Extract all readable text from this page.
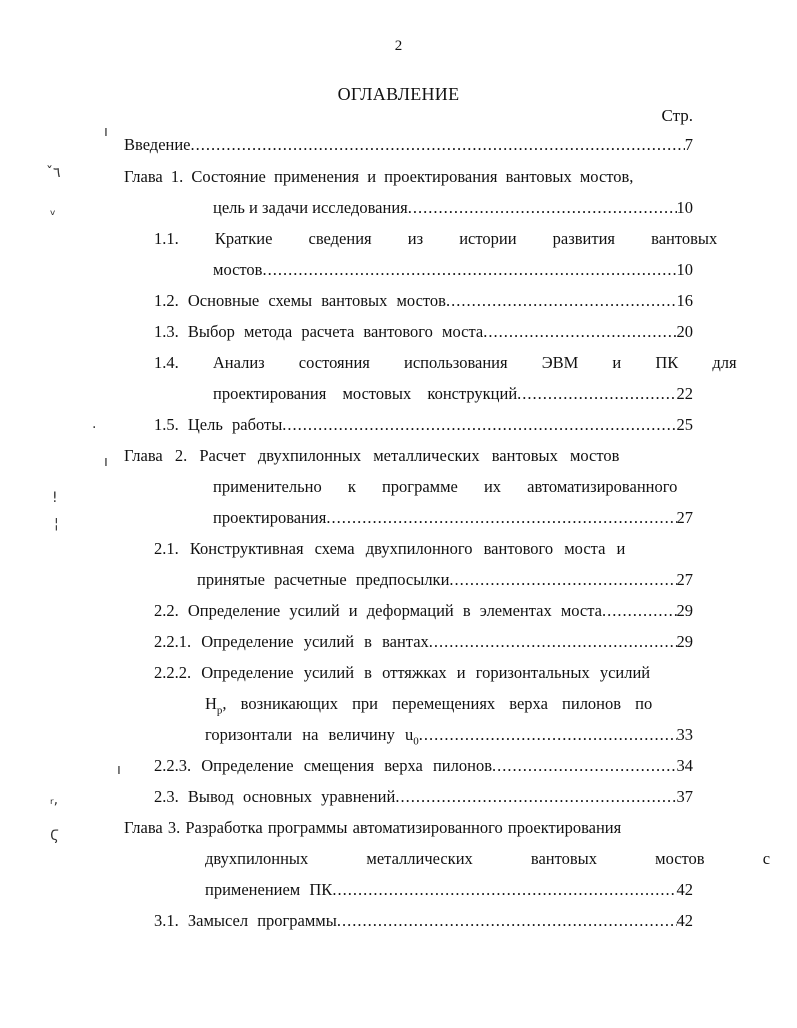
2
ОГЛАВЛЕНИЕ
Стр.
Введение .....	7
Глава 1. Состояние применения и проектирования вантовых мостов,
цель и задачи исследования .....	10
1.1. Краткие сведения из истории развития вантовых
мостов .....	10
1.2. Основные схемы вантовых мостов .....	16
1.3. Выбор метода расчета вантового моста .....	20
1.4. Анализ состояния использования ЭВМ и ПК для
проектирования мостовых конструкций .....	22
1.5. Цель работы .....	25
Глава 2. Расчет двухпилонных металлических вантовых мостов
применительно к программе их автоматизированного
проектирования .....	27
2.1. Конструктивная схема двухпилонного вантового моста и
принятые расчетные предпосылки .....	27
2.2. Определение усилий и деформаций в элементах моста .....	29
2.2.1. Определение усилий в вантах .....	29
2.2.2. Определение усилий в оттяжках и горизонтальных усилий
$H_p$, возникающих при перемещениях верха пилонов по
горизонтали на величину $u_0$ .....	33
2.2.3. Определение смещения верха пилонов .....	34
2.3. Вывод основных уравнений .....	37
Глава 3. Разработка программы автоматизированного проектирования
двухпилонных металлических вантовых мостов с
применением ПК .....	42
3.1. Замысел программы .....	42
ı
ˇ٦
ᵥ
·
ı
!
¦
ı
ᵣ,
Ϛ
